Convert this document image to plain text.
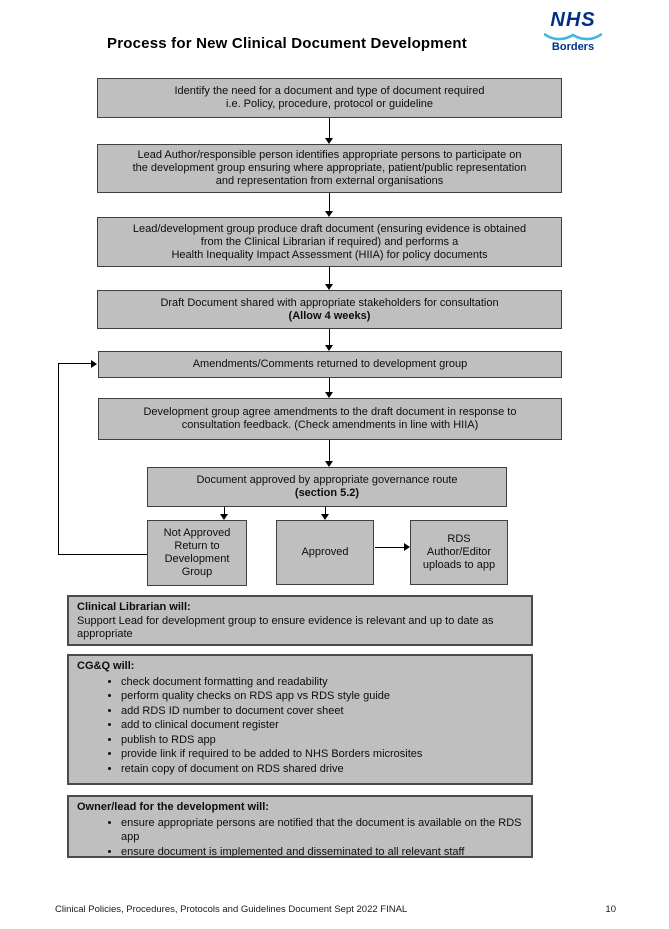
Process for New Clinical Document Development
NHS
Borders
Identify the need for a document and type of document required
i.e. Policy, procedure, protocol or guideline
Lead Author/responsible person identifies appropriate persons to participate on
the development group ensuring where appropriate, patient/public representation
and representation from external organisations
Lead/development group produce draft document (ensuring evidence is obtained
from the Clinical Librarian if required) and performs a
Health Inequality Impact Assessment (HIIA) for policy documents
Draft Document shared with appropriate stakeholders for consultation
(Allow 4 weeks)
Amendments/Comments returned to development group
Development group agree amendments to the draft document in response to
consultation feedback. (Check amendments in line with HIIA)
Document approved by appropriate governance route
(section 5.2)
Not Approved
Return to
Development
Group
Approved
RDS
Author/Editor
uploads to app
Clinical Librarian will:
Support Lead for development group to ensure evidence is relevant and up to date as appropriate
CG&Q will:
• check document formatting and readability
• perform quality checks on RDS app vs RDS style guide
• add RDS ID number to document cover sheet
• add to clinical document register
• publish to RDS app
• provide link if required to be added to NHS Borders microsites
• retain copy of document on RDS shared drive
Owner/lead for the development will:
• ensure appropriate persons are notified that the document is available on the RDS app
• ensure document is implemented and disseminated to all relevant staff
Clinical Policies, Procedures, Protocols and Guidelines Document Sept 2022 FINAL	10
